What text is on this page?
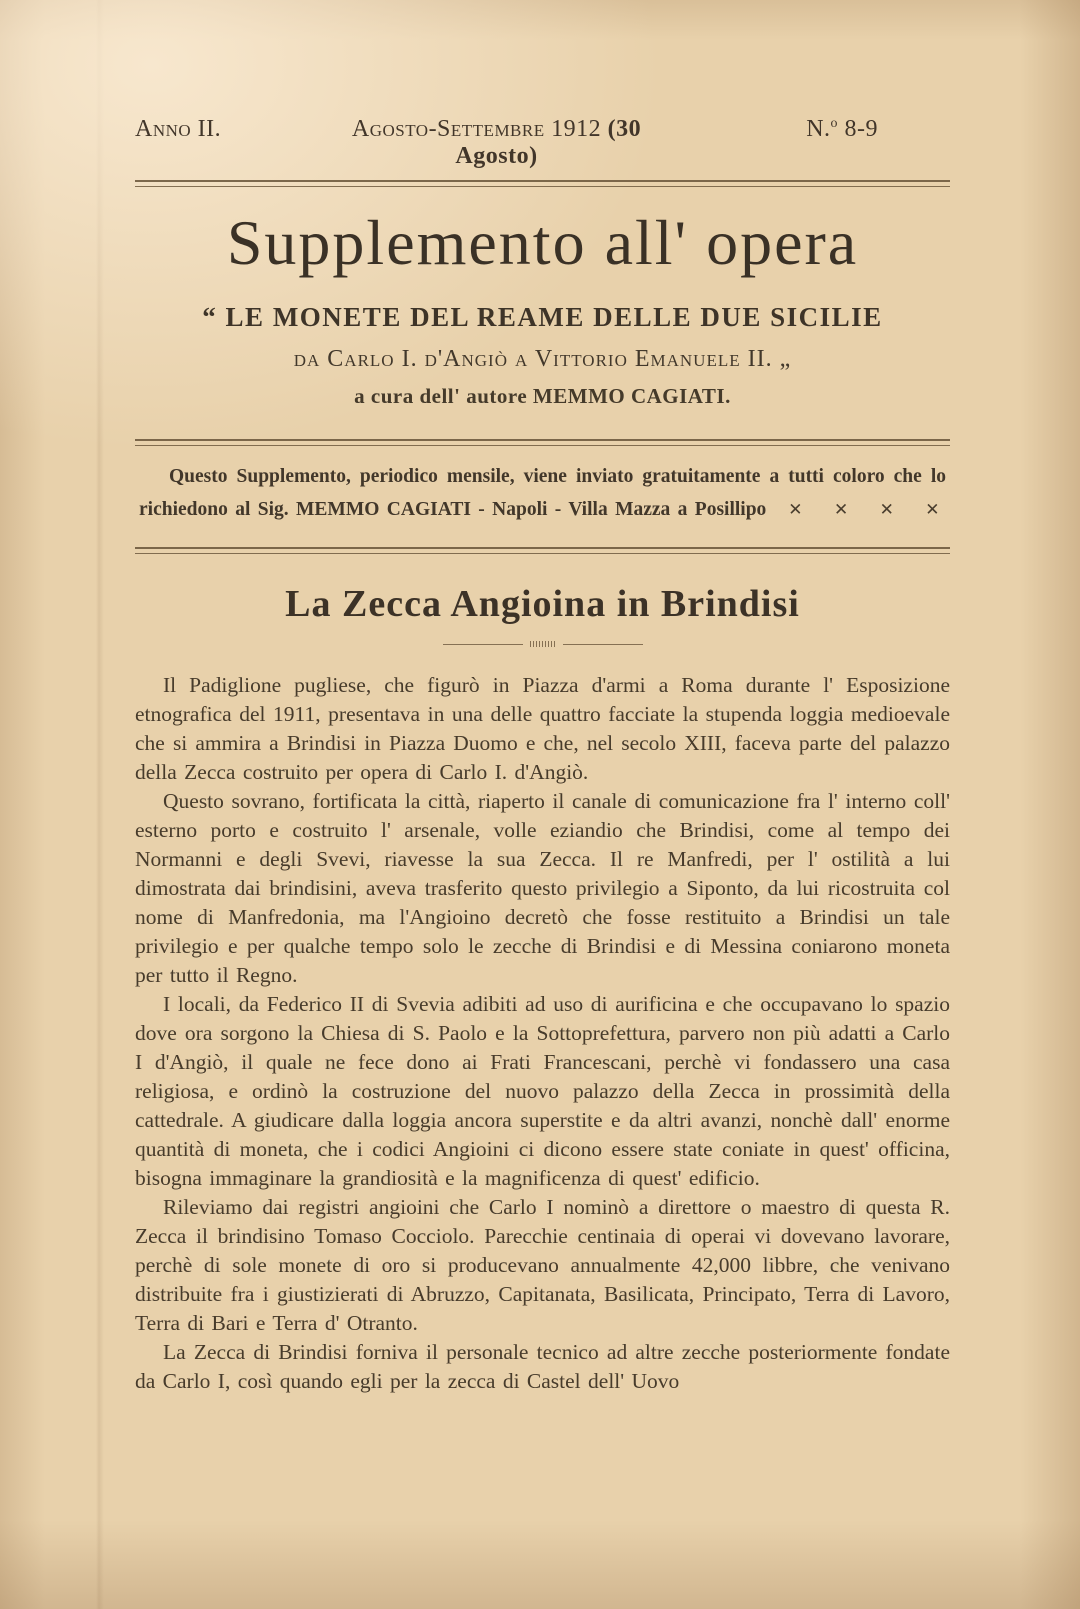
Anno II.	Agosto-Settembre 1912 (30 Agosto)
N.$^o$ 8-9
Supplemento all' opera
“ LE MONETE DEL REAME DELLE DUE SICILIE
da Carlo I. d'Angiò a Vittorio Emanuele II. „
a cura dell' autore MEMMO CAGIATI.

Questo Supplemento, periodico mensile, viene inviato gratuitamente a tutti coloro che lo richiedono al Sig. MEMMO CAGIATI - Napoli - Villa Mazza a Posillipo ✕ ✕ ✕ ✕

La Zecca Angioina in Brindisi

Il Padiglione pugliese, che figurò in Piazza d'armi a Roma durante l' Esposizione etnografica del 1911, presentava in una delle quattro facciate la stupenda loggia medioevale che si ammira a Brindisi in Piazza Duomo e che, nel secolo XIII, faceva parte del palazzo della Zecca costruito per opera di Carlo I. d'Angiò.

Questo sovrano, fortificata la città, riaperto il canale di comunicazione fra l' interno coll' esterno porto e costruito l' arsenale, volle eziandio che Brindisi, come al tempo dei Normanni e degli Svevi, riavesse la sua Zecca. Il re Manfredi, per l' ostilità a lui dimostrata dai brindisini, aveva trasferito questo privilegio a Siponto, da lui ricostruita col nome di Manfredonia, ma l'Angioino decretò che fosse restituito a Brindisi un tale privilegio e per qualche tempo solo le zecche di Brindisi e di Messina coniarono moneta per tutto il Regno.

I locali, da Federico II di Svevia adibiti ad uso di aurificina e che occupavano lo spazio dove ora sorgono la Chiesa di S. Paolo e la Sottoprefettura, parvero non più adatti a Carlo I d'Angiò, il quale ne fece dono ai Frati Francescani, perchè vi fondassero una casa religiosa, e ordinò la costruzione del nuovo palazzo della Zecca in prossimità della cattedrale. A giudicare dalla loggia ancora superstite e da altri avanzi, nonchè dall' enorme quantità di moneta, che i codici Angioini ci dicono essere state coniate in quest' officina, bisogna immaginare la grandiosità e la magnificenza di quest' edificio.

Rileviamo dai registri angioini che Carlo I nominò a direttore o maestro di questa R. Zecca il brindisino Tomaso Cocciolo. Parecchie centinaia di operai vi dovevano lavorare, perchè di sole monete di oro si producevano annualmente 42,000 libbre, che venivano distribuite fra i giustizierati di Abruzzo, Capitanata, Basilicata, Principato, Terra di Lavoro, Terra di Bari e Terra d' Otranto.

La Zecca di Brindisi forniva il personale tecnico ad altre zecche posteriormente fondate da Carlo I, così quando egli per la zecca di Castel dell' Uovo
